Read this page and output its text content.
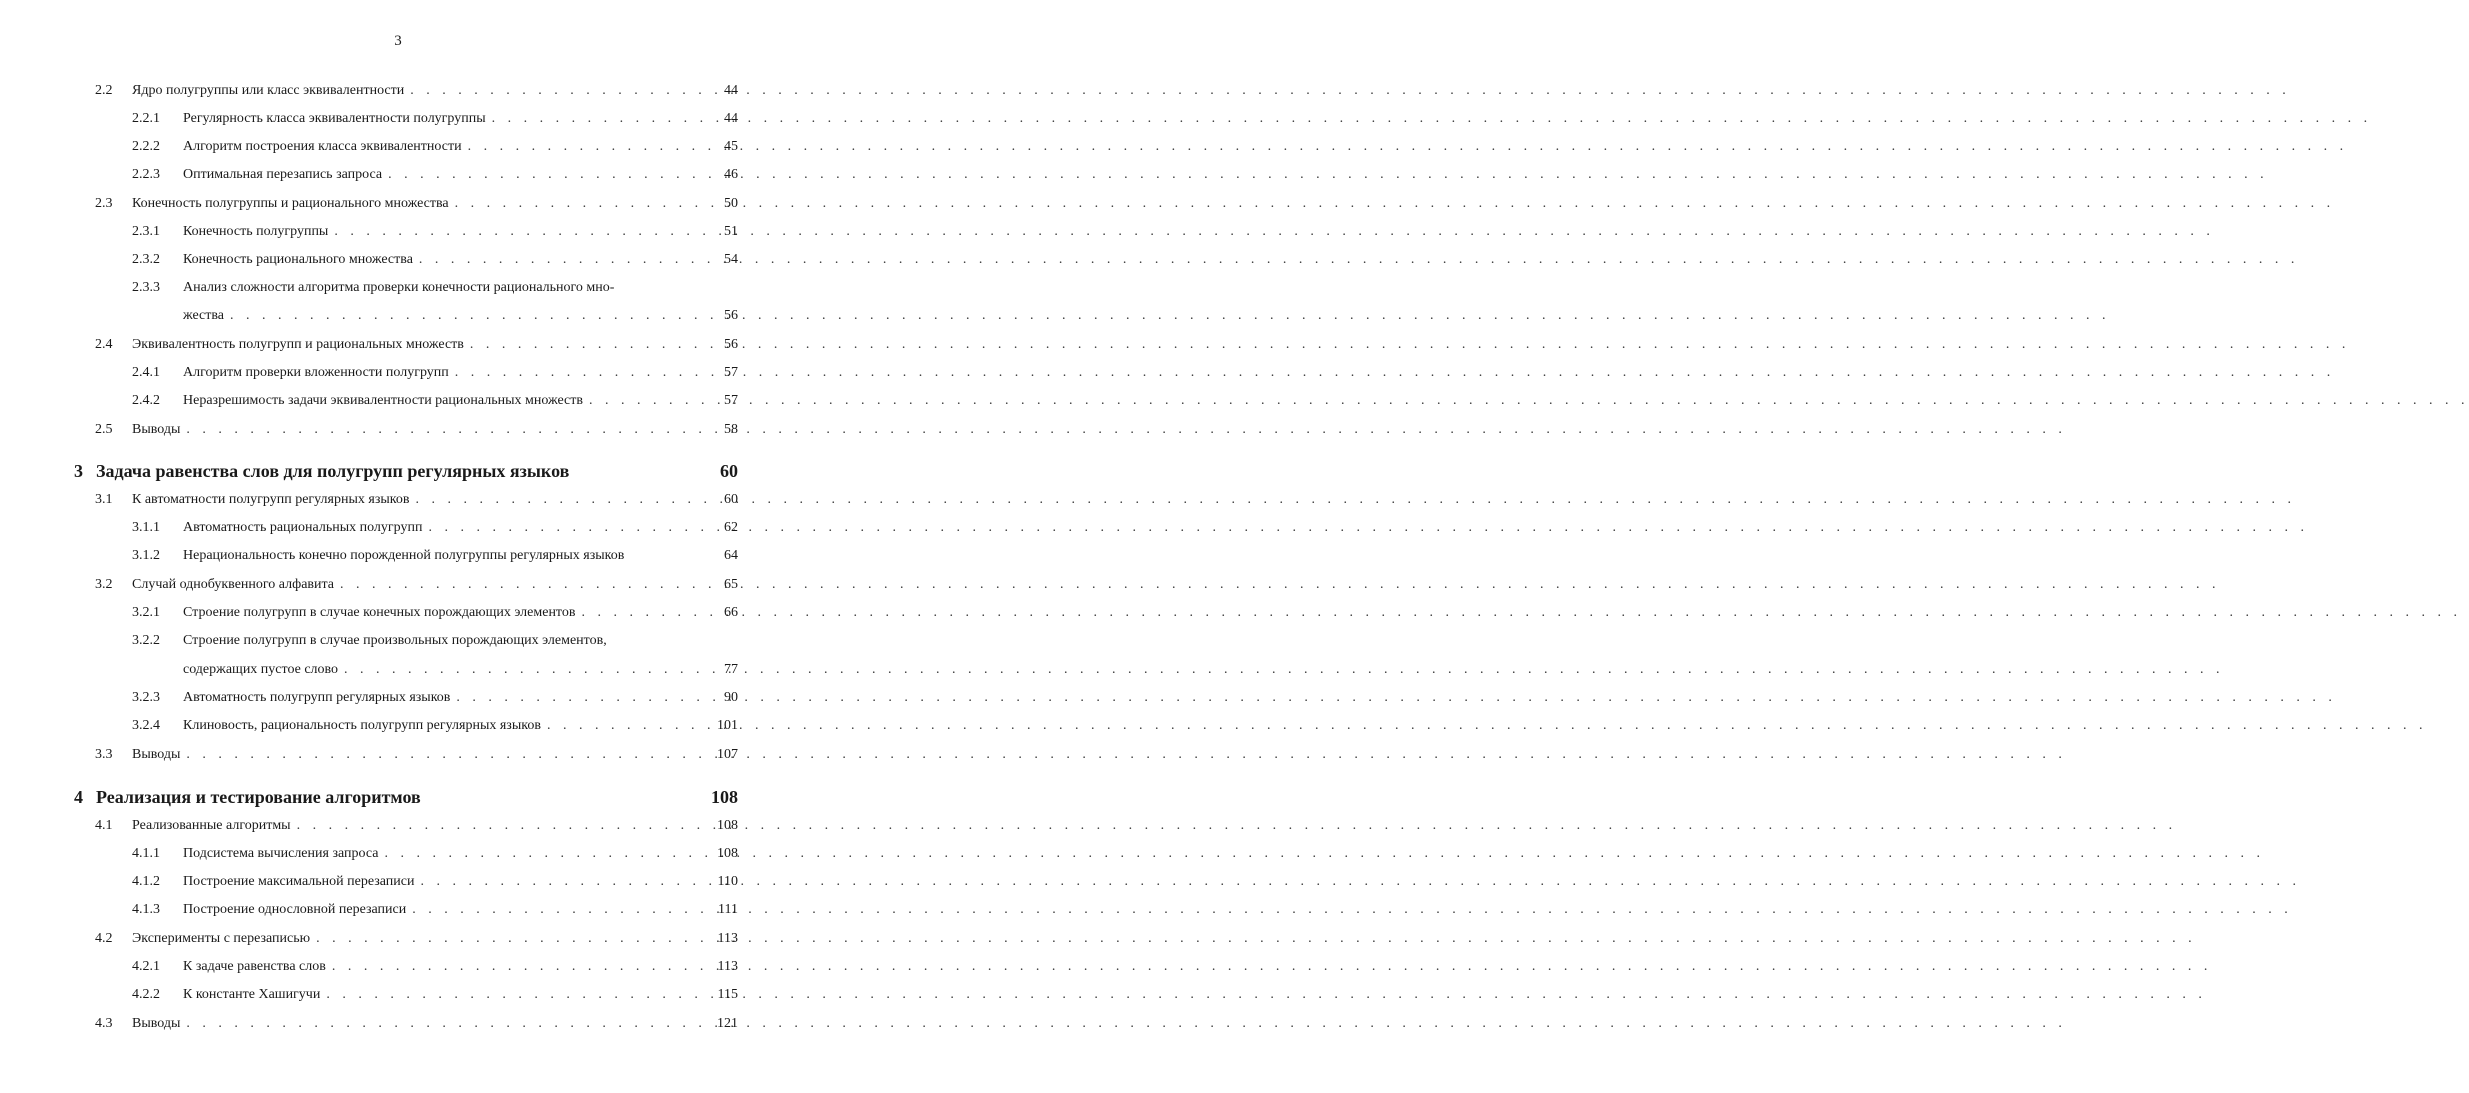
3
2.2	Ядро полугруппы или класс эквивалентности . . .	44
2.2.1	Регулярность класса эквивалентности полугруппы . . .	44
2.2.2	Алгоритм построения класса эквивалентности . . .	45
2.2.3	Оптимальная перезапись запроса . . .	46
2.3	Конечность полугруппы и рационального множества . . .	50
2.3.1	Конечность полугруппы . . .	51
2.3.2	Конечность рационального множества . . .	54
2.3.3	Анализ сложности алгоритма проверки конечности рационального мно-
жества . . .	56
2.4	Эквивалентность полугрупп и рациональных множеств . . .	56
2.4.1	Алгоритм проверки вложенности полугрупп . . .	57
2.4.2	Неразрешимость задачи эквивалентности рациональных множеств . . .	57
2.5	Выводы . . .	58
3 Задача равенства слов для полугрупп регулярных языков	60
3.1	К автоматности полугрупп регулярных языков . . .	60
3.1.1	Автоматность рациональных полугрупп . . .	62
3.1.2	Нерациональность конечно порожденной полугруппы регулярных языков	64
3.2	Случай однобуквенного алфавита . . .	65
3.2.1	Строение полугрупп в случае конечных порождающих элементов . . .	66
3.2.2	Строение полугрупп в случае произвольных порождающих элементов,
содержащих пустое слово . . .	77
3.2.3	Автоматность полугрупп регулярных языков . . .	90
3.2.4	Клиновость, рациональность полугрупп регулярных языков . . .	101
3.3	Выводы . . .	107
4 Реализация и тестирование алгоритмов	108
4.1	Реализованные алгоритмы . . .	108
4.1.1	Подсистема вычисления запроса . . .	108
4.1.2	Построение максимальной перезаписи . . .	110
4.1.3	Построение однословной перезаписи . . .	111
4.2	Эксперименты с перезаписью . . .	113
4.2.1	К задаче равенства слов . . .	113
4.2.2	К константе Хашигучи . . .	115
4.3	Выводы . . .	121
